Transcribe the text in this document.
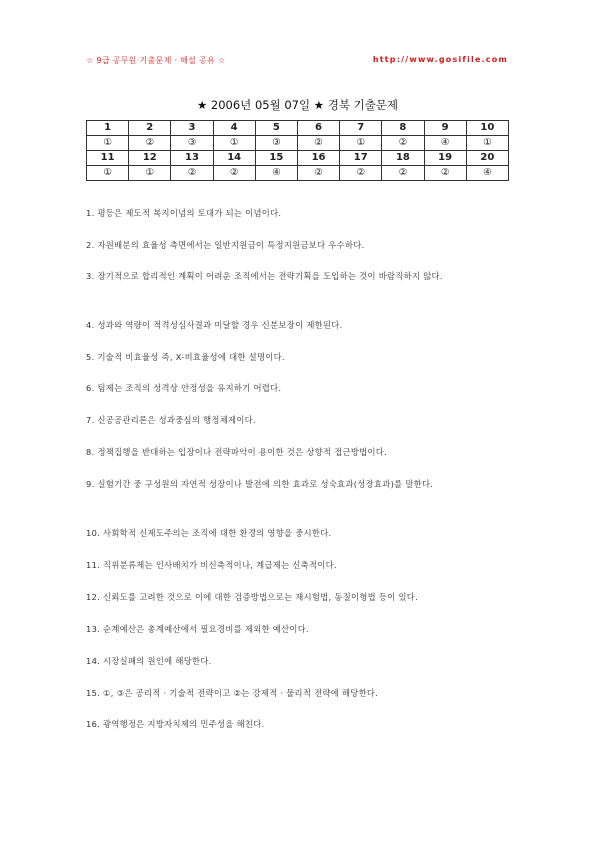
☆ 9급 공무원 기출문제 · 해설 공유 ☆	http://www.gosifile.com
★ 2006년 05월 07일 ★ 경북 기출문제
1	2	3	4	5	6	7	8	9	10
①	②	③	①	③	②	①	②	④	①
11	12	13	14	15	16	17	18	19	20
①	①	②	②	④	②	②	②	②	④
1. 평등은 제도적 복지이념의 토대가 되는 이념이다.
2. 자원배분의 효율성 측면에서는 일반지원금이 특정지원금보다 우수하다.
3. 장기적으로 합리적인 계획이 어려운 조직에서는 전략기획을 도입하는 것이 바람직하지 않다.
4. 성과와 역량이 적격성심사결과 미달할 경우 신분보장이 제한된다.
5. 기술적 비효율성 즉, X-비효율성에 대한 설명이다.
6. 팀제는 조직의 성격상 안정성을 유지하기 어렵다.
7. 신공공관리론은 성과중심의 행정체제이다.
8. 정책집행을 반대하는 입장이나 전략파악이 용이한 것은 상향적 접근방법이다.
9. 실험기간 중 구성원의 자연적 성장이나 발전에 의한 효과로 성숙효과(성장효과)를 말한다.
10. 사회학적 신제도주의는 조직에 대한 환경의 영향을 중시한다.
11. 직위분류제는 인사배치가 비신축적이나, 계급제는 신축적이다.
12. 신뢰도를 고려한 것으로 이에 대한 검증방법으로는 재시험법, 동질이형법 등이 있다.
13. 순계예산은 총계예산에서 필요경비를 제외한 예산이다.
14. 시장실패의 원인에 해당한다.
15. ①, ③은 공리적 · 기술적 전략이고 ②는 강제적 · 물리적 전략에 해당한다.
16. 광역행정은 지방자치제의 민주성을 해친다.
